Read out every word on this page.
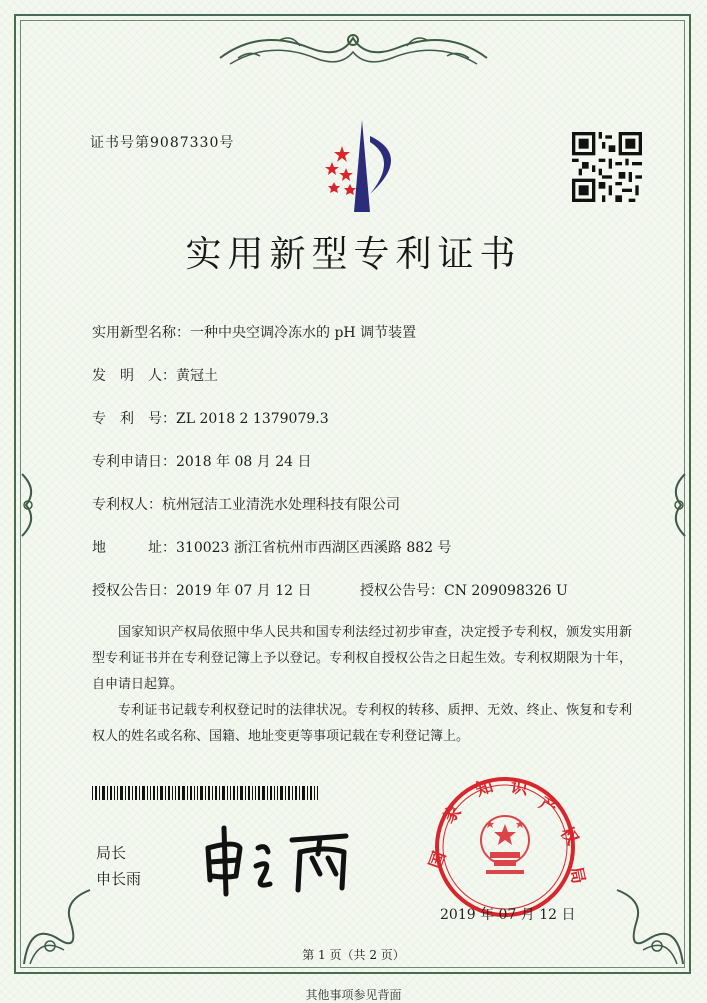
证书号第9087330号
实用新型专利证书
实用新型名称：一种中央空调冷冻水的 pH 调节装置
发　明　人：黄冠土
专　利　号：ZL 2018 2 1379079.3
专利申请日：2018 年 08 月 24 日
专利权人：杭州冠洁工业清洗水处理科技有限公司
地　　　址：310023 浙江省杭州市西湖区西溪路 882 号
授权公告日：2019 年 07 月 12 日	授权公告号：CN 209098326 U

国家知识产权局依照中华人民共和国专利法经过初步审查，决定授予专利权，颁发实用新型专利证书并在专利登记簿上予以登记。专利权自授权公告之日起生效。专利权期限为十年，自申请日起算。

专利证书记载专利权登记时的法律状况。专利权的转移、质押、无效、终止、恢复和专利权人的姓名或名称、国籍、地址变更等事项记载在专利登记簿上。

局长
申长雨
国
家
知 识
产
权
局
2019 年 07 月 12 日
第 1 页（共 2 页）
其他事项参见背面
